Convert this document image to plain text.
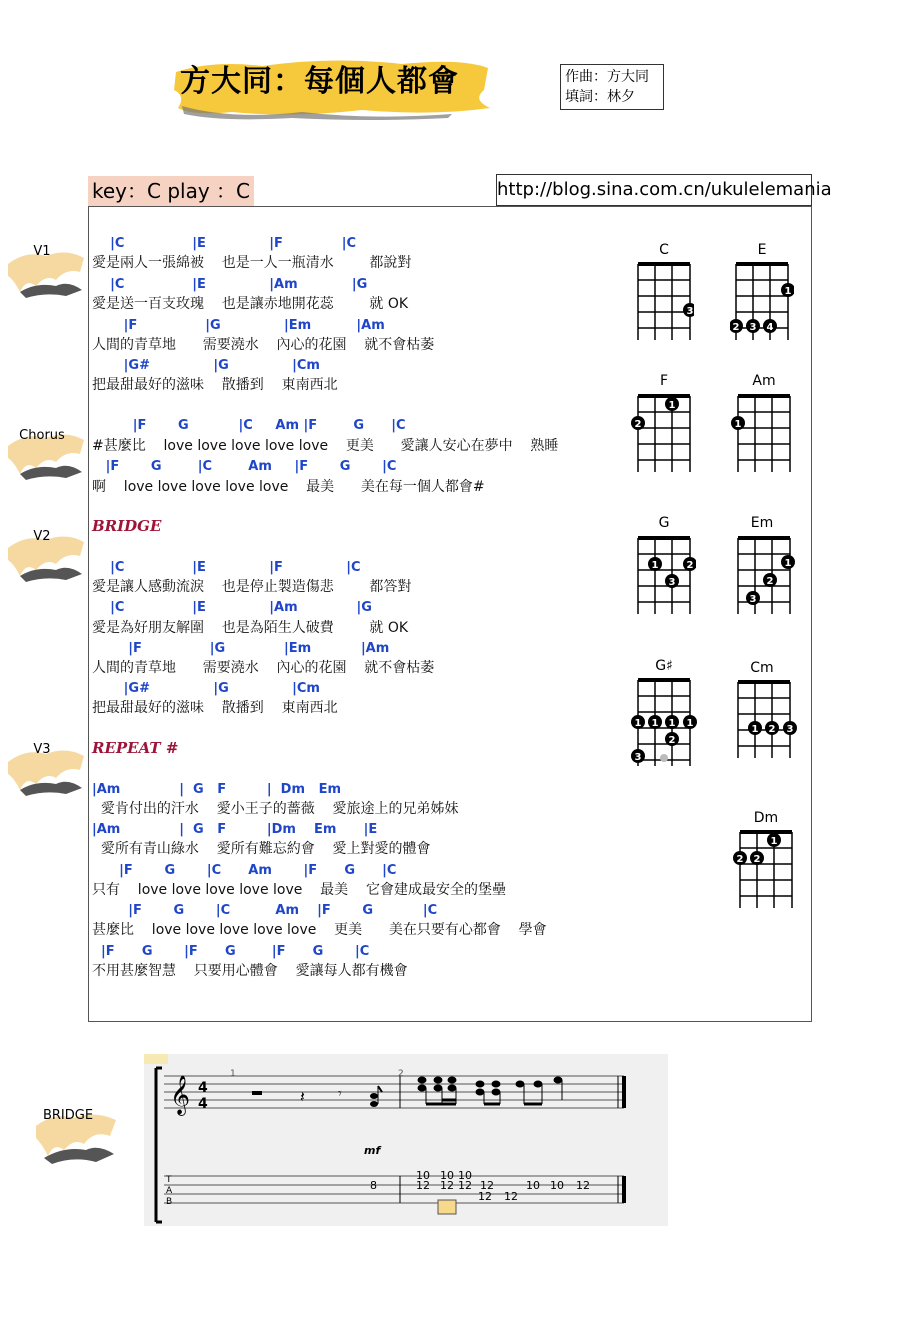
方大同：每個人都會	作曲：方大同
填詞：林夕
key：C play ：C	http://blog.sina.com.cn/ukulelemania
V1
Chorus
V2
V3
BRIDGE
|C               |E              |F             |C
愛是兩人一張綿被    也是一人一瓶清水        都說對
|C               |E              |Am            |G
愛是送一百支玫瑰    也是讓赤地開花蕊        就 OK
|F               |G              |Em          |Am
人間的青草地      需要澆水    內心的花園    就不會枯萎
|G#              |G              |Cm
把最甜最好的滋味    散播到    東南西北
|F       G           |C     Am |F        G      |C
#甚麼比    love love love love love    更美      愛讓人安心在夢中    熟睡
|F       G        |C        Am     |F       G       |C
啊    love love love love love    最美      美在每一個人都會#
BRIDGE
|C               |E              |F              |C
愛是讓人感動流淚    也是停止製造傷悲        都答對
|C               |E              |Am             |G
愛是為好朋友解圍    也是為陌生人破費        就 OK
|F               |G             |Em           |Am
人間的青草地      需要澆水    內心的花園    就不會枯萎
|G#              |G              |Cm
把最甜最好的滋味    散播到    東南西北
REPEAT #
|Am             |  G   F         |  Dm   Em
愛肯付出的汗水    愛小王子的薔薇    愛旅途上的兄弟姊妹
|Am             |  G   F         |Dm    Em      |E
愛所有青山綠水    愛所有難忘約會    愛上對愛的體會
|F       G       |C      Am       |F      G      |C
只有    love love love love love    最美    它會建成最安全的堡壘
|F       G       |C          Am    |F       G           |C
甚麼比    love love love love love    更美      美在只要有心都會    學會
|F      G       |F      G        |F      G       |C
不用甚麼智慧    只要用心體會    愛讓每人都有機會
C
3
E
1
2 3 4
F
1
2
Am
1
G
1	2
3
Em
1
2
3
G♯
1 1 1 1
2
3
Cm
1 2 3
Dm
1
2 2
𝄞 4
4
1	2
𝄽 𝄾
mf
T
A
B
8
10 10 10
12 12 12 12	10 10 12
12 12
